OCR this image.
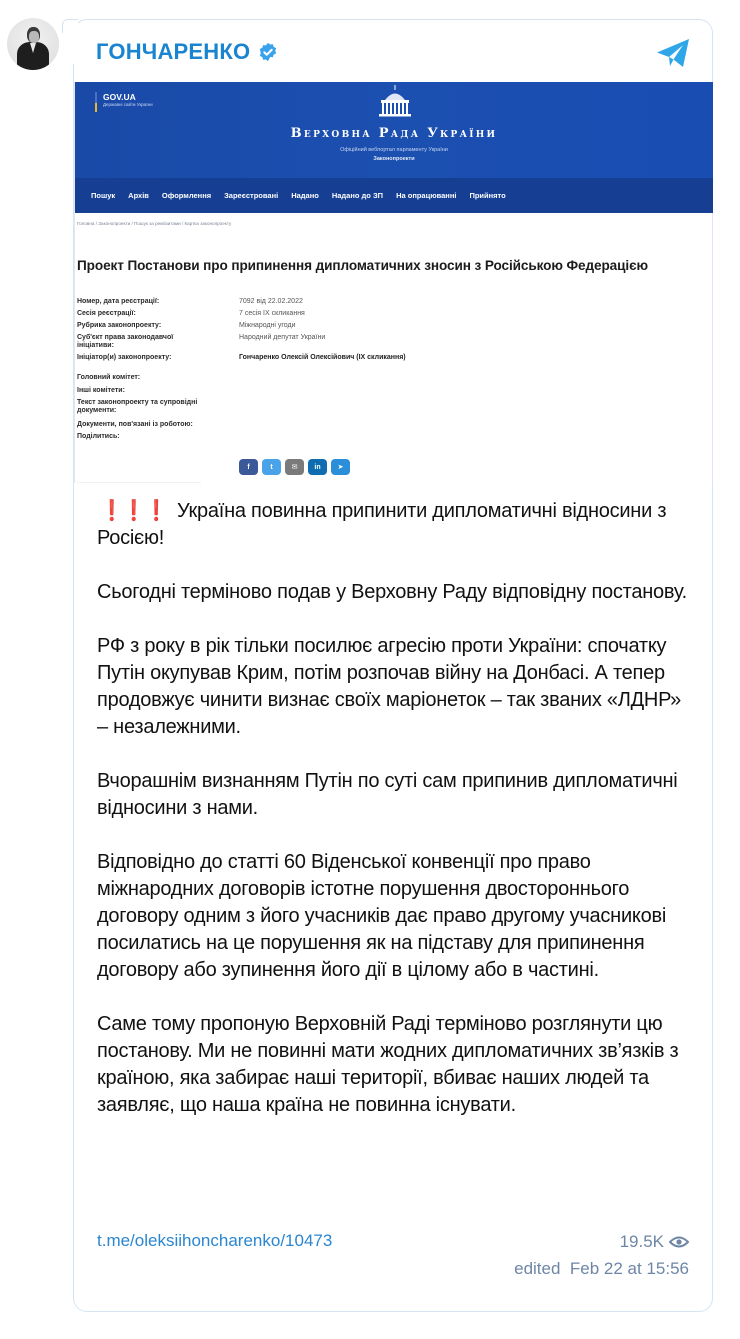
ГОНЧАРЕНКО
GOV.UA
Державні сайти України
Верховна Рада України
Офіційний вебпортал парламенту України
Законопроекти
Пошук Архів Оформлення Зареєстровані Надано Надано до ЗП На опрацюванні Прийнято
Головна / Законопроекти / Пошук за реквізитами / Картка законопроекту
Проект Постанови про припинення дипломатичних зносин з Російською Федерацією
Номер, дата реєстрації:	7092 від 22.02.2022
Сесія реєстрації:	7 сесія IX скликання
Рубрика законопроекту:	Міжнародні угоди
Суб'єкт права законодавчої ініціативи:
Народний депутат України
Ініціатор(и) законопроекту:	Гончаренко Олексій Олексійович (IX скликання)
Головний комітет:
Інші комітети:
Текст законопроекту та супровідні документи:
Документи, пов'язані із роботою:
Поділитись:
f	t	✉	in	➤

❗❗❗ Україна повинна припинити дипломатичні відносини з Росією!

Сьогодні терміново подав у Верховну Раду відповідну постанову.

РФ з року в рік тільки посилює агресію проти України: спочатку Путін окупував Крим, потім розпочав війну на Донбасі. А тепер продовжує чинити визнає своїх маріонеток – так званих «ЛДНР» – незалежними.

Вчорашнім визнанням Путін по суті сам припинив дипломатичні відносини з нами.

Відповідно до статті 60 Віденської конвенції про право міжнародних договорів істотне порушення двостороннього договору одним з його учасників дає право другому учасникові посилатись на це порушення як на підставу для припинення договору або зупинення його дії в цілому або в частині.

Саме тому пропоную Верховній Раді терміново розглянути цю постанову. Ми не повинні мати жодних дипломатичних зв’язків з країною, яка забирає наші території, вбиває наших людей та заявляє, що наша країна не повинна існувати.

t.me/oleksiihoncharenko/10473	19.5K
edited Feb 22 at 15:56
